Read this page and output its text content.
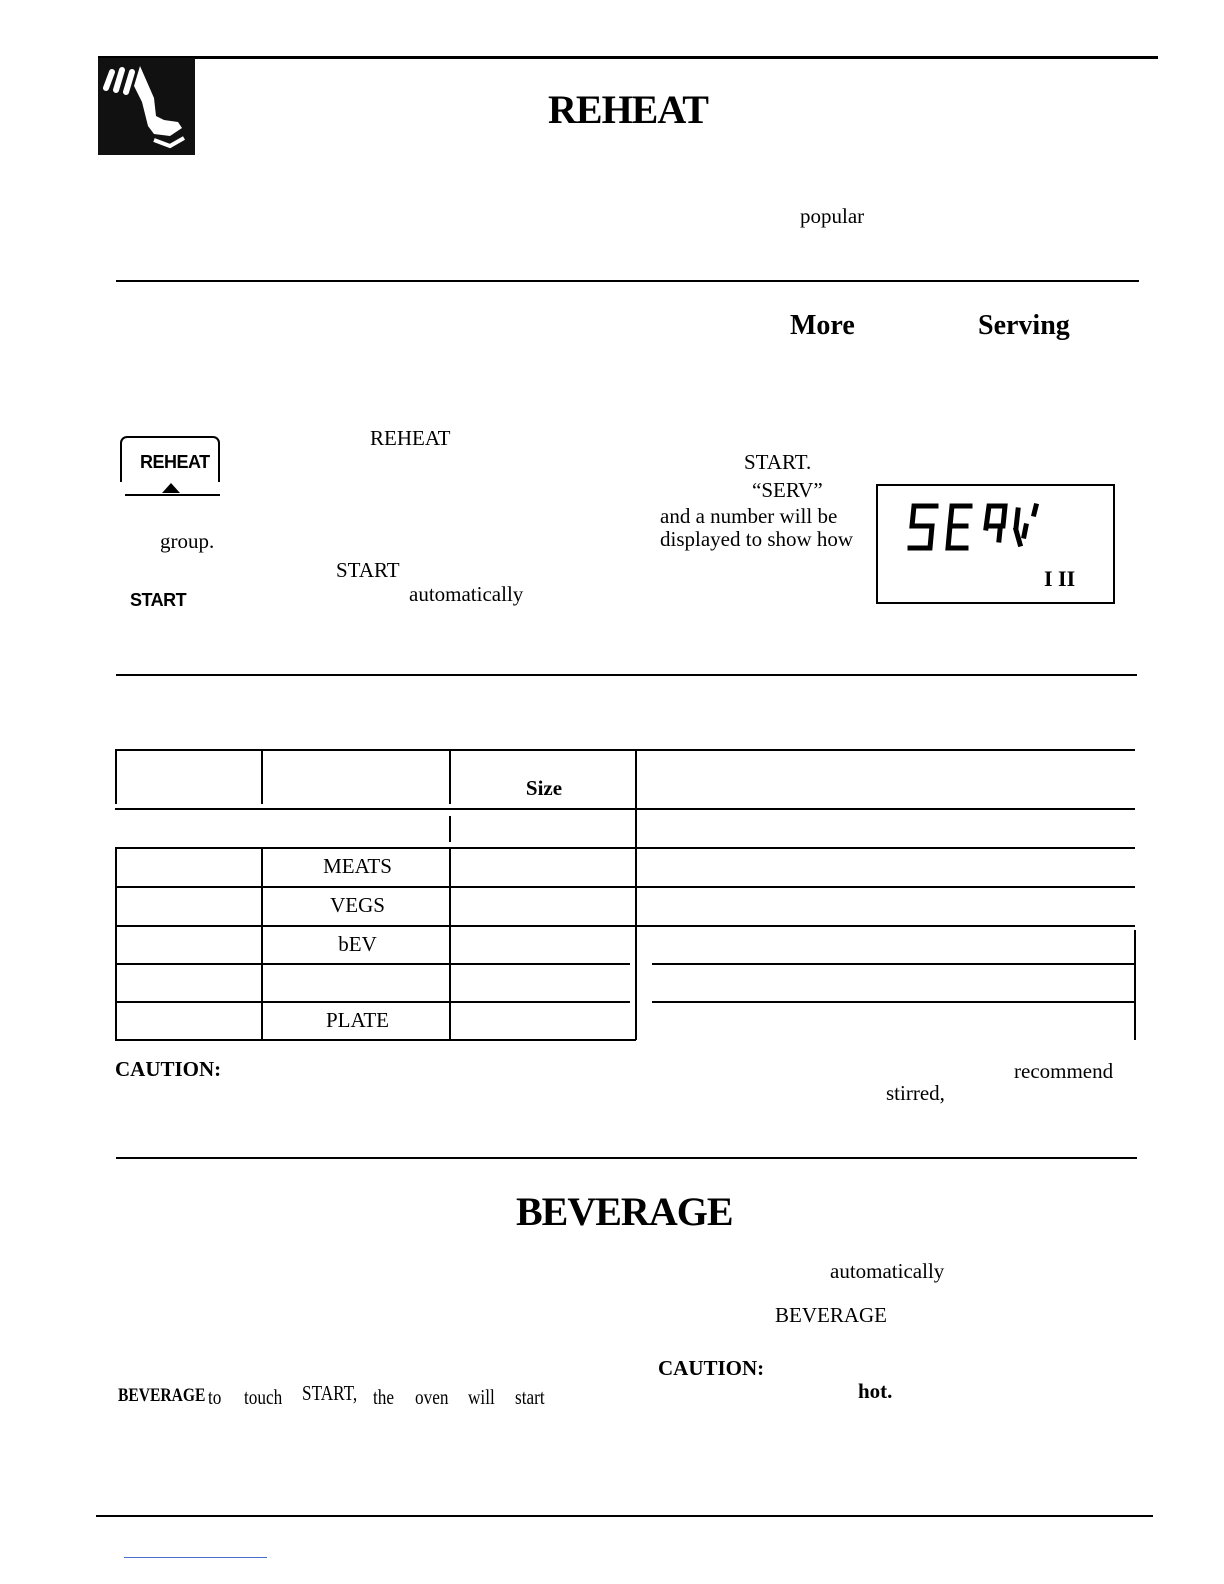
REHEAT
popular
More	Serving
REHEAT
START
REHEAT
group.
START
automatically
START.
“SERV”
and a number will be
displayed to show how
I II
Size
MEATS
VEGS
bEV
PLATE
CAUTION:	recommend
stirred,
BEVERAGE
automatically
BEVERAGE
CAUTION:
hot.
BEVERAGE to touch START, the oven will start
